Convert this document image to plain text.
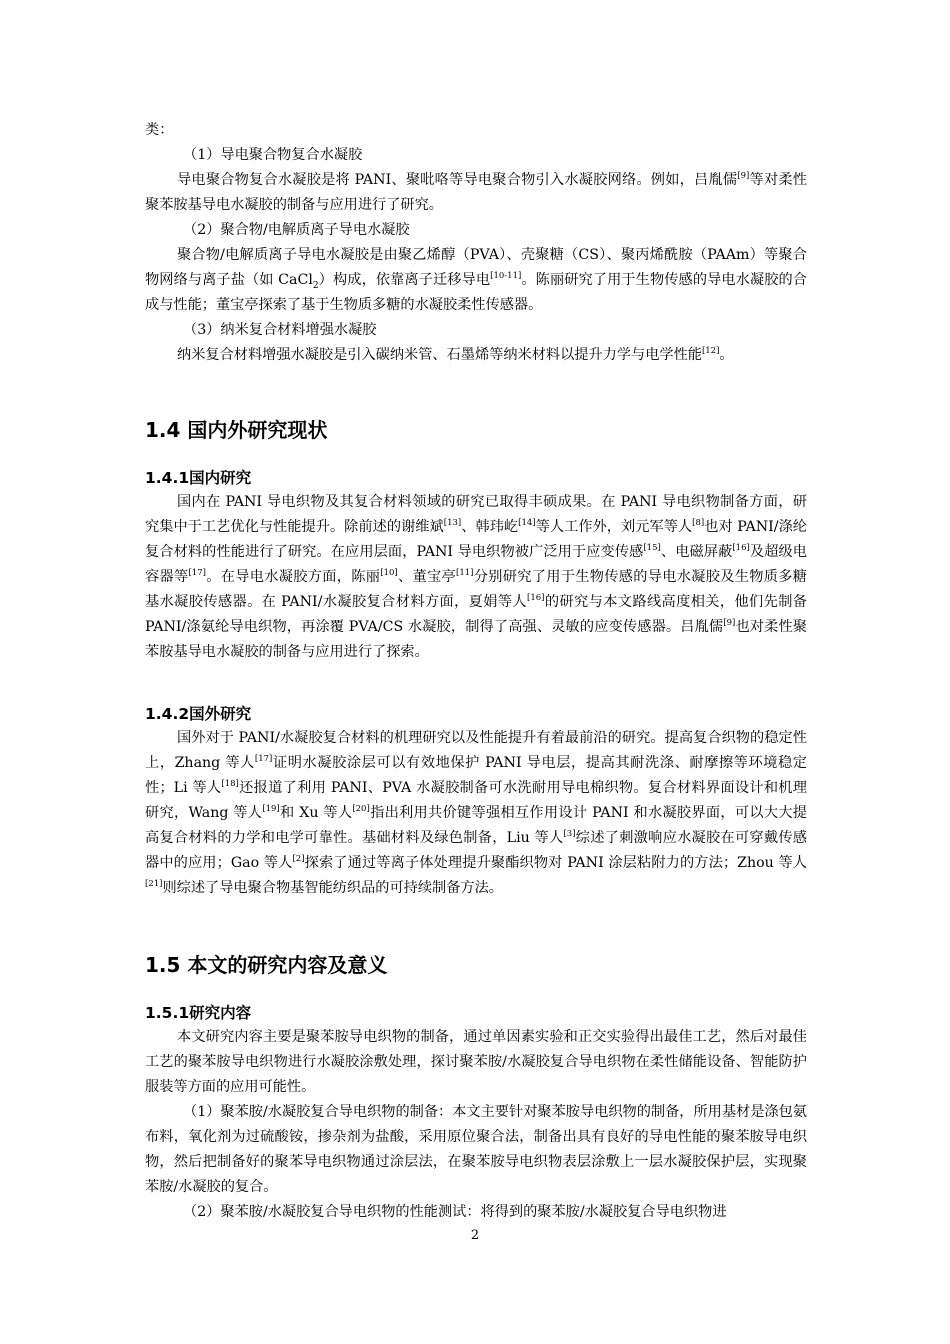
类：

（1）导电聚合物复合水凝胶

导电聚合物复合水凝胶是将 PANI、聚吡咯等导电聚合物引入水凝胶网络。例如，吕胤儒[9]等对柔性聚苯胺基导电水凝胶的制备与应用进行了研究。

（2）聚合物/电解质离子导电水凝胶

聚合物/电解质离子导电水凝胶是由聚乙烯醇（PVA）、壳聚糖（CS）、聚丙烯酰胺（PAAm）等聚合物网络与离子盐（如 CaCl$_2$）构成，依靠离子迁移导电[10-11]。陈丽研究了用于生物传感的导电水凝胶的合成与性能；董宝亭探索了基于生物质多糖的水凝胶柔性传感器。

（3）纳米复合材料增强水凝胶

纳米复合材料增强水凝胶是引入碳纳米管、石墨烯等纳米材料以提升力学与电学性能[12]。

1.4 国内外研究现状
1.4.1国内研究

国内在 PANI 导电织物及其复合材料领域的研究已取得丰硕成果。在 PANI 导电织物制备方面，研究集中于工艺优化与性能提升。除前述的谢维斌[13]、韩玮屹[14]等人工作外，刘元军等人[8]也对 PANI/涤纶复合材料的性能进行了研究。在应用层面，PANI 导电织物被广泛用于应变传感[15]、电磁屏蔽[16]及超级电容器等[17]。在导电水凝胶方面，陈丽[10]、董宝亭[11]分别研究了用于生物传感的导电水凝胶及生物质多糖基水凝胶传感器。在 PANI/水凝胶复合材料方面，夏娟等人[16]的研究与本文路线高度相关，他们先制备 PANI/涤氨纶导电织物，再涂覆 PVA/CS 水凝胶，制得了高强、灵敏的应变传感器。吕胤儒[9]也对柔性聚苯胺基导电水凝胶的制备与应用进行了探索。

1.4.2国外研究

国外对于 PANI/水凝胶复合材料的机理研究以及性能提升有着最前沿的研究。提高复合织物的稳定性上，Zhang 等人[17]证明水凝胶涂层可以有效地保护 PANI 导电层，提高其耐洗涤、耐摩擦等环境稳定性；Li 等人[18]还报道了利用 PANI、PVA 水凝胶制备可水洗耐用导电棉织物。复合材料界面设计和机理研究，Wang 等人[19]和 Xu 等人[20]指出利用共价键等强相互作用设计 PANI 和水凝胶界面，可以大大提高复合材料的力学和电学可靠性。基础材料及绿色制备，Liu 等人[3]综述了刺激响应水凝胶在可穿戴传感器中的应用；Gao 等人[2]探索了通过等离子体处理提升聚酯织物对 PANI 涂层粘附力的方法；Zhou 等人[21]则综述了导电聚合物基智能纺织品的可持续制备方法。

1.5 本文的研究内容及意义
1.5.1研究内容

本文研究内容主要是聚苯胺导电织物的制备，通过单因素实验和正交实验得出最佳工艺，然后对最佳工艺的聚苯胺导电织物进行水凝胶涂敷处理，探讨聚苯胺/水凝胶复合导电织物在柔性储能设备、智能防护服装等方面的应用可能性。

（1）聚苯胺/水凝胶复合导电织物的制备：本文主要针对聚苯胺导电织物的制备，所用基材是涤包氨布料，氧化剂为过硫酸铵，掺杂剂为盐酸，采用原位聚合法，制备出具有良好的导电性能的聚苯胺导电织物，然后把制备好的聚苯导电织物通过涂层法，在聚苯胺导电织物表层涂敷上一层水凝胶保护层，实现聚苯胺/水凝胶的复合。

（2）聚苯胺/水凝胶复合导电织物的性能测试：将得到的聚苯胺/水凝胶复合导电织物进

2
